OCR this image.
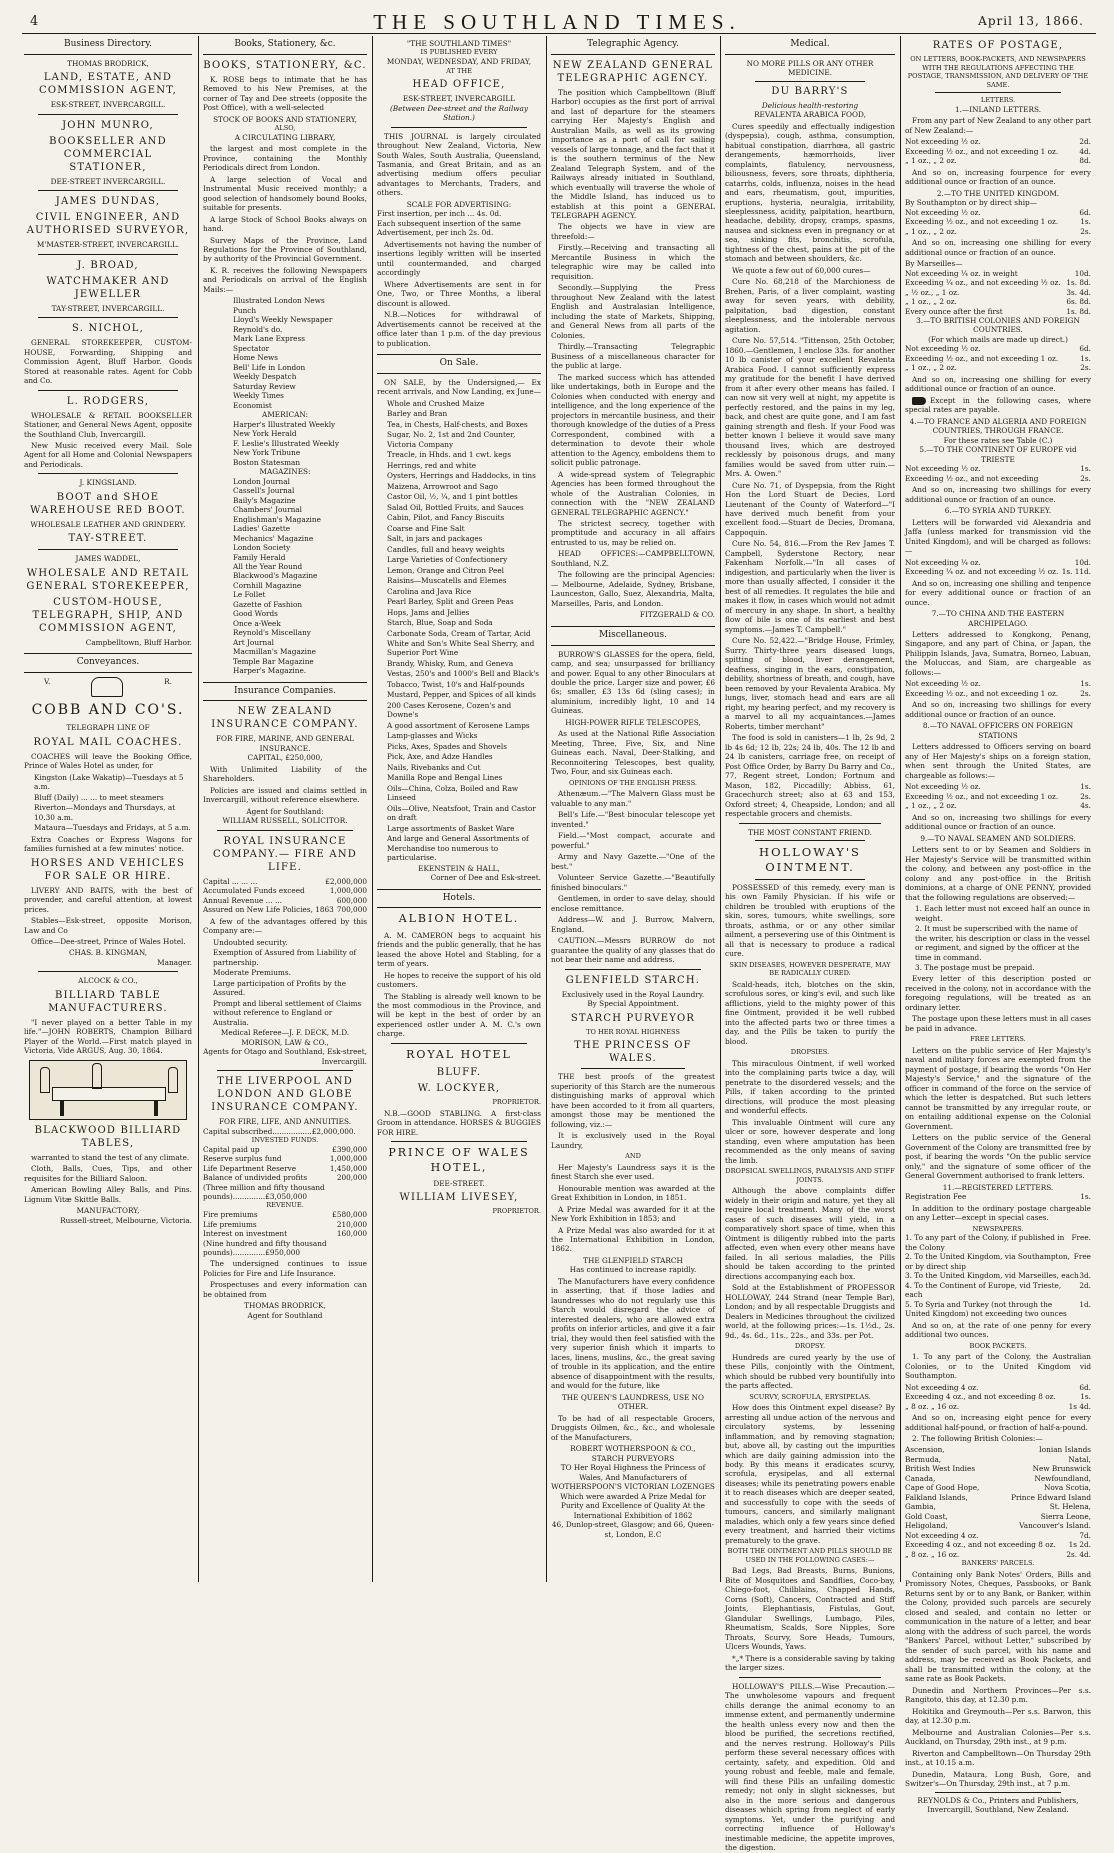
4	THE SOUTHLAND TIMES.	April 13, 1866.
Business Directory.
THOMAS BRODRICK,
LAND, ESTATE, AND COMMISSION AGENT,
ESK-STREET, INVERCARGILL.
JOHN MUNRO,
BOOKSELLER AND COMMERCIAL STATIONER,
DEE-STREET INVERCARGILL.
JAMES DUNDAS,
CIVIL ENGINEER, AND AUTHORISED SURVEYOR,
M'MASTER-STREET, INVERCARGILL.
J. BROAD,
WATCHMAKER AND JEWELLER
TAY-STREET, INVERCARGILL.
S. NICHOL,
GENERAL STOREKEEPER, CUSTOM-HOUSE, Forwarding, Shipping and Commission Agent, Bluff Harbor. Goods Stored at reasonable rates. Agent for Cobb and Co.
L. RODGERS,
WHOLESALE & RETAIL BOOKSELLER Stationer, and General News Agent, opposite the Southland Club, Invercargill.
New Music received every Mail. Sole Agent for all Home and Colonial Newspapers and Periodicals.
J. KINGSLAND.
BOOT and SHOE WAREHOUSE RED BOOT.
WHOLESALE LEATHER AND GRINDERY.
TAY-STREET.
JAMES WADDEL,
WHOLESALE AND RETAIL GENERAL STOREKEEPER,
CUSTOM-HOUSE, TELEGRAPH, SHIP, AND COMMISSION AGENT,
Campbelltown, Bluff Harbor.
Conveyances.
V.	R.
COBB AND CO'S.
TELEGRAPH LINE OF
ROYAL MAIL COACHES.
COACHES will leave the Booking Office, Prince of Wales Hotel as under, for
Kingston (Lake Wakatip)—Tuesdays at 5 a.m.
Bluff (Daily) ... ... to meet steamers
Riverton—Mondays and Thursdays, at 10.30 a.m.
Mataura—Tuesdays and Fridays, at 5 a.m.
Extra Coaches or Express Wagons for families furnished at a few minutes' notice.
HORSES AND VEHICLES FOR SALE OR HIRE.
LIVERY AND BAITS, with the best of provender, and careful attention, at lowest prices.
Stables—Esk-street, opposite Morison, Law and Co
Office—Dee-street, Prince of Wales Hotel.
CHAS. B. KINGMAN,
Manager.
ALCOCK & CO.,
BILLIARD TABLE MANUFACTURERS.
"I never played on a better Table in my life."—JOHN ROBERTS, Champion Billiard Player of the World.—First match played in Victoria, Vide ARGUS, Aug. 30, 1864.
BLACKWOOD BILLIARD TABLES,
warranted to stand the test of any climate.
Cloth, Balls, Cues, Tips, and other requisites for the Billiard Saloon.
American Bowling Alley Balls, and Pins. Lignum Vitæ Skittle Balls.
MANUFACTORY,
Russell-street, Melbourne, Victoria.
Books, Stationery, &c.
BOOKS, STATIONERY, &C.
K. ROSE begs to intimate that he has Removed to his New Premises, at the corner of Tay and Dee streets (opposite the Post Office), with a well-selected
STOCK OF BOOKS AND STATIONERY,
ALSO,
A CIRCULATING LIBRARY,
the largest and most complete in the Province, containing the Monthly Periodicals direct from London.
A large selection of Vocal and Instrumental Music received monthly; a good selection of handsomely bound Books, suitable for presents.
A large Stock of School Books always on hand.
Survey Maps of the Province, Land Regulations for the Province of Southland, by authority of the Provincial Government.
K. R. receives the following Newspapers and Periodicals on arrival of the English Mails:—
Illustrated London News
Punch
Lloyd's Weekly Newspaper
Reynold's do.
Mark Lane Express
Spectator
Home News
Bell' Life in London
Weekly Despatch
Saturday Review
Weekly Times
Economist
AMERICAN:
Harper's Illustrated Weekly
New York Herald
F. Leslie's Illustrated Weekly
New York Tribune
Boston Statesman
MAGAZINES:
London Journal
Cassell's Journal
Baily's Magazine
Chambers' Journal
Englishman's Magazine
Ladies' Gazette
Mechanics' Magazine
London Society
Family Herald
All the Year Round
Blackwood's Magazine
Cornhill Magazine
Le Follet
Gazette of Fashion
Good Words
Once a-Week
Reynold's Miscellany
Art Journal
Macmillan's Magazine
Temple Bar Magazine
Harper's Magazine.
Insurance Companies.
NEW ZEALAND INSURANCE COMPANY.
FOR FIRE, MARINE, AND GENERAL INSURANCE.
CAPITAL, £250,000,
With Unlimited Liability of the Shareholders.
Policies are issued and claims settled in Invercargill, without reference elsewhere.
Agent for Southland:
WILLIAM RUSSELL, SOLICITOR.
ROYAL INSURANCE COMPANY.— FIRE AND LIFE.
Capital ... ... ...	£2,000,000
Accumulated Funds exceed	1,000,000
Annual Revenue ... ...	600,000
Assured on New Life Policies, 1863 700,000
A few of the advantages offered by this Company are:—
Undoubted security.
Exemption of Assured from Liability of partnership.
Moderate Premiums.
Large participation of Profits by the Assured.
Prompt and liberal settlement of Claims without reference to England or Australia.
Medical Referee—J. F. DECK, M.D.
MORISON, LAW & CO.,
Agents for Otago and Southland, Esk-street, Invercargill.
THE LIVERPOOL AND LONDON AND GLOBE INSURANCE COMPANY.
FOR FIRE, LIFE, AND ANNUITIES.
Capital subscribed.................£2,000,000.
INVESTED FUNDS.
Capital paid up	£390,000
Reserve surplus fund	1,000,000
Life Department Reserve	1,450,000
Balance of undivided profits	200,000
(Three million and fifty thousand pounds)..............£3,050,000
REVENUE.
Fire premiums	£580,000
Life premiums	210,000
Interest on investment	160,000
(Nine hundred and fifty thousand pounds)..............£950,000
The undersigned continues to issue Policies for Fire and Life Insurance.
Prospectuses and every information can be obtained from
THOMAS BRODRICK,
Agent for Southland
"THE SOUTHLAND TIMES"
IS PUBLISHED EVERY
MONDAY, WEDNESDAY, AND FRIDAY,
AT THE
HEAD OFFICE,
ESK-STREET, INVERCARGILL
(Between Dee-street and the Railway Station.)
THIS JOURNAL is largely circulated throughout New Zealand, Victoria, New South Wales, South Australia, Queensland, Tasmania, and Great Britain, and as an advertising medium offers peculiar advantages to Merchants, Traders, and others.
SCALE FOR ADVERTISING:
First insertion, per inch ... 4s. 0d.
Each subsequent insertion of the same Advertisement, per inch 2s. 0d.
Advertisements not having the number of insertions legibly written will be inserted until countermanded, and charged accordingly
Where Advertisements are sent in for One, Two, or Three Months, a liberal discount is allowed.
N.B.—Notices for withdrawal of Advertisements cannot be received at the office later than 1 p.m. of the day previous to publication.
On Sale.
ON SALE, by the Undersigned,— Ex recent arrivals, and Now Landing, ex June—
Whole and Crushed Maize
Barley and Bran
Tea, in Chests, Half-chests, and Boxes
Sugar, No. 2, 1st and 2nd Counter, Victoria Company
Treacle, in Hhds. and 1 cwt. kegs
Herrings, red and white
Oysters, Herrings and Haddocks, in tins
Maizena, Arrowroot and Sago
Castor Oil, ½, ¼, and 1 pint bottles
Salad Oil, Bottled Fruits, and Sauces
Cabin, Pilot, and Fancy Biscuits
Coarse and Fine Salt
Salt, in jars and packages
Candles, full and heavy weights
Large Varieties of Confectionery
Lemon, Orange and Citron Peel
Raisins—Muscatells and Elemes
Carolina and Java Rice
Pearl Barley, Split and Green Peas
Hops, Jams and Jellies
Starch, Blue, Soap and Soda
Carbonate Soda, Cream of Tartar, Acid
White and Son's White Seal Sherry, and Superior Port Wine
Brandy, Whisky, Rum, and Geneva
Vestas, 250's and 1000's Bell and Black's
Tobacco, Twist, 10's and Half-pounds
Mustard, Pepper, and Spices of all kinds
200 Cases Kerosene, Cozen's and Downe's
A good assortment of Kerosene Lamps
Lamp-glasses and Wicks
Picks, Axes, Spades and Shovels
Pick, Axe, and Adze Handles
Nails, Rivebanks and Cut
Manilla Rope and Bengal Lines
Oils—China, Colza, Boiled and Raw Linseed
Oils—Olive, Neatsfoot, Train and Castor on draft
Large assortments of Basket Ware
And large and General Assortments of Merchandise too numerous to particularise.
EKENSTEIN & HALL,
Corner of Dee and Esk-street.
Hotels.
ALBION HOTEL.
A. M. CAMERON begs to acquaint his friends and the public generally, that he has leased the above Hotel and Stabling, for a term of years.
He hopes to receive the support of his old customers.
The Stabling is already well known to be the most commodious in the Province, and will be kept in the best of order by an experienced ostler under A. M. C.'s own charge.
ROYAL HOTEL
BLUFF.
W. LOCKYER,
PROPRIETOR.
N.B.—GOOD STABLING. A first-class Groom in attendance. HORSES & BUGGIES FOR HIRE.
PRINCE OF WALES HOTEL,
DEE-STREET.
WILLIAM LIVESEY,
PROPRIETOR.
Telegraphic Agency.
NEW ZEALAND GENERAL TELEGRAPHIC AGENCY.
The position which Campbelltown (Bluff Harbor) occupies as the first port of arrival and last of departure for the steamers carrying Her Majesty's English and Australian Mails, as well as its growing importance as a port of call for sailing vessels of large tonnage, and the fact that it is the southern terminus of the New Zealand Telegraph System, and of the Railways already initiated in Southland, which eventually will traverse the whole of the Middle Island, has induced us to establish at this point a GENERAL TELEGRAPH AGENCY.
The objects we have in view are threefold:—
Firstly.—Receiving and transacting all Mercantile Business in which the telegraphic wire may be called into requisition.
Secondly.—Supplying the Press throughout New Zealand with the latest English and Australasian Intelligence, including the state of Markets, Shipping, and General News from all parts of the Colonies.
Thirdly.—Transacting Telegraphic Business of a miscellaneous character for the public at large.
The marked success which has attended like undertakings, both in Europe and the Colonies when conducted with energy and intelligence, and the long experience of the projectors in mercantile business, and their thorough knowledge of the duties of a Press Correspondent, combined with a determination to devote their whole attention to the Agency, emboldens them to solicit public patronage.
A wide-spread system of Telegraphic Agencies has been formed throughout the whole of the Australian Colonies, in connection with the "NEW ZEALAND GENERAL TELEGRAPHIC AGENCY."
The strictest secrecy, together with promptitude and accuracy in all affairs entrusted to us, may be relied on.
HEAD OFFICES:—CAMPBELLTOWN, Southland, N.Z.
The following are the principal Agencies:— Melbourne, Adelaide, Sydney, Brisbane, Launceston, Gallo, Suez, Alexandria, Malta, Marseilles, Paris, and London.
FITZGERALD & CO.
Miscellaneous.
BURROW'S GLASSES for the opera, field, camp, and sea; unsurpassed for brilliancy and power. Equal to any other Binoculars at double the price. Larger size and power, £6 6s; smaller, £3 13s 6d (sling cases); in aluminium, incredibly light, 10 and 14 Guineas.
HIGH-POWER RIFLE TELESCOPES,
As used at the National Rifle Association Meeting, Three, Five, Six, and Nine Guineas each. Naval, Deer-Stalking, and Reconnoitering Telescopes, best quality, Two, Four, and six Guineas each.
OPINIONS OF THE ENGLISH PRESS.
Athenæum.—"The Malvern Glass must be valuable to any man."
Bell's Life.—"Best binocular telescope yet invented."
Field.—"Most compact, accurate and powerful."
Army and Navy Gazette.—"One of the best."
Volunteer Service Gazette.—"Beautifully finished binoculars."
Gentlemen, in order to save delay, should enclose remittance.
Address—W. and J. Burrow, Malvern, England.
CAUTION.—Messrs BURROW do not guarantee the quality of any glasses that do not bear their name and address.
GLENFIELD STARCH.
Exclusively used in the Royal Laundry.
By Special Appointment.
STARCH PURVEYOR
TO HER ROYAL HIGHNESS
THE PRINCESS OF WALES.
THE best proofs of the greatest superiority of this Starch are the numerous distinguishing marks of approval which have been accorded to it from all quarters, amongst those may be mentioned the following, viz.:—
It is exclusively used in the Royal Laundry,
AND
Her Majesty's Laundress says it is the finest Starch she ever used.
Honourable mention was awarded at the Great Exhibition in London, in 1851.
A Prize Medal was awarded for it at the New York Exhibition in 1853; and
A Prize Medal was also awarded for it at the International Exhibition in London, 1862.
THE GLENFIELD STARCH
Has continued to increase rapidly.
The Manufacturers have every confidence in asserting, that if those ladies and laundresses who do not regularly use this Starch would disregard the advice of interested dealers, who are allowed extra profits on inferior articles, and give it a fair trial, they would then feel satisfied with the very superior finish which it imparts to laces, linens, muslins, &c., the great saving of trouble in its application, and the entire absence of disappointment with the results, and would for the future, like
THE QUEEN'S LAUNDRESS, USE NO OTHER.
To be had of all respectable Grocers, Druggists Oilmen, &c., &c., and wholesale of the Manufacturers,
ROBERT WOTHERSPOON & CO.,
STARCH PURVEYORS
TO Her Royal Highness the Princess of Wales, And Manufacturers of
WOTHERSPOON'S VICTORIAN LOZENGES
Which were awarded A Prize Medal for Purity and Excellence of Quality At the International Exhibition of 1862
46, Dunlop-street, Glasgow; and 66, Queen-st, London, E.C
Medical.
NO MORE PILLS OR ANY OTHER MEDICINE.
DU BARRY'S
Delicious health-restoring
REVALENTA ARABICA FOOD,
Cures speedily and effectually indigestion (dyspepsia), cough, asthma, consumption, habitual constipation, diarrhœa, all gastric derangements, hæmorrhoids, liver complaints, flatulency, nervousness, biliousness, fevers, sore throats, diphtheria, catarrhs, colds, influenza, noises in the head and ears, rheumatism, gout, impurities, eruptions, hysteria, neuralgia, irritability, sleeplessness, acidity, palpitation, heartburn, headache, debility, dropsy, cramps, spasms, nausea and sickness even in pregnancy or at sea, sinking fits, bronchitis, scrofula, tightness of the chest, pains at the pit of the stomach and between shoulders, &c.
We quote a few out of 60,000 cures—
Cure No. 68,218 of the Marchioness de Brehen, Paris, of a liver complaint, wasting away for seven years, with debility, palpitation, bad digestion, constant sleeplessness, and the intolerable nervous agitation.
Cure No. 57,514. "Tittenson, 25th October, 1860.—Gentlemen, I enclose 33s. for another 10 lb canister of your excellent Revalenta Arabica Food. I cannot sufficiently express my gratitude for the benefit I have derived from it after every other means has failed. I can now sit very well at night, my appetite is perfectly restored, and the pains in my leg, back, and chest are quite gone, and I am fast gaining strength and flesh. If your Food was better known I believe it would save many thousand lives, which are destroyed recklessly by poisonous drugs, and many families would be saved from utter ruin.—Mrs. A. Owen."
Cure No. 71, of Dyspepsia, from the Right Hon the Lord Stuart de Decies, Lord Lieutenant of the County of Waterford—"I have derived much benefit from your excellent food.—Stuart de Decies, Dromana, Cappoquin.
Cure No. 54, 816.—From the Rev James T. Campbell, Syderstone Rectory, near Fakenham Norfolk.—"In all cases of indigestion, and particularly when the liver is more than usually affected, I consider it the best of all remedies. It regulates the bile and makes it flow, in cases which would not admit of mercury in any shape. In short, a healthy flow of bile is one of its earliest and best symptoms.—James T. Campbell."
Cure No. 52,422.—"Bridge House, Frimley, Surry. Thirty-three years diseased lungs, spitting of blood, liver derangement, deafness, singing in the ears, constipation, debility, shortness of breath, and cough, have been removed by your Revalenta Arabica. My lungs, liver, stomach head and ears are all right, my hearing perfect, and my recovery is a marvel to all my acquaintances.—James Roberts, timber merchant"
The food is sold in canisters—1 lb, 2s 9d, 2 lb 4s 6d; 12 lb, 22s; 24 lb, 40s. The 12 lb and 24 lb canisters, carriage free, on receipt of Post Office Order, by Barry Du Barry and Co., 77, Regent street, London; Fortnum and Mason, 182, Piccadilly; Abbiss, 61, Gracechurch street; also at 63 and 153, Oxford street; 4, Cheapside, London; and all respectable grocers and chemists.
THE MOST CONSTANT FRIEND.
HOLLOWAY'S OINTMENT.
POSSESSED of this remedy, every man is his own Family Physician. If his wife or children be troubled with eruptions of the skin, sores, tumours, white swellings, sore throats, asthma, or or any other similar ailment, a persevering use of this Ointment is all that is necessary to produce a radical cure.
SKIN DISEASES, HOWEVER DESPERATE, MAY BE RADICALLY CURED.
Scald-heads, itch, blotches on the skin, scrofulous sores, or king's evil, and such like afflictions, yield to the mighty power of this fine Ointment, provided it be well rubbed into the affected parts two or three times a day, and the Pills be taken to purify the blood.
DROPSIES.
This miraculous Ointment, if well worked into the complaining parts twice a day, will penetrate to the disordered vessels; and the Pills, if taken according to the printed directions, will produce the most pleasing and wonderful effects.
This invaluable Ointment will cure any ulcer or sore, however desperate and long standing, even where amputation has been recommended as the only means of saving the limb.
DROPSICAL SWELLINGS, PARALYSIS AND STIFF JOINTS.
Although the above complaints differ widely in their origin and nature, yet they all require local treatment. Many of the worst cases of such diseases will yield, in a comparatively short space of time, when this Ointment is diligently rubbed into the parts affected, even when every other means have failed. In all serious maladies, the Pills should be taken according to the printed directions accompanying each box.
Sold at the Establishment of PROFESSOR HOLLOWAY, 244 Strand (near Temple Bar), London; and by all respectable Druggists and Dealers in Medicines throughout the civilized world, at the following prices:—1s. 1½d., 2s. 9d., 4s. 6d., 11s., 22s., and 33s. per Pot.
DROPSY.
Hundreds are cured yearly by the use of these Pills, conjointly with the Ointment, which should be rubbed very bountifully into the parts affected.
SCURVY, SCROFULA, ERYSIPELAS.
How does this Ointment expel disease? By arresting all undue action of the nervous and circulatory systems, by lessening inflammation, and by removing stagnation; but, above all, by casting out the impurities which are daily gaining admission into the body. By this means it eradicates scurvy, scrofula, erysipelas, and all external diseases; while its penetrating powers enable it to reach diseases which are deeper seated, and successfully to cope with the seeds of tumours, cancers, and similarly malignant maladies, which only a few years since defied every treatment, and harried their victims prematurely to the grave.
BOTH THE OINTMENT AND PILLS SHOULD BE USED IN THE FOLLOWING CASES:—
Bad Legs, Bad Breasts, Burns, Bunions, Bite of Mosquitoes and Sandflies, Coco-bay, Chiego-foot, Chilblains, Chapped Hands, Corns (Soft), Cancers, Contracted and Stiff Joints, Elephantiasis, Fistulas, Gout, Glandular Swellings, Lumbago, Piles, Rheumatism, Scalds, Sore Nipples, Sore Throats, Scurvy, Sore Heads, Tumours, Ulcers Wounds, Yaws.
*„* There is a considerable saving by taking the larger sizes.
HOLLOWAY'S PILLS.—Wise Precaution.—The unwholesome vapours and frequent chills derange the animal economy to an immense extent, and permanently undermine the health unless every now and then the blood be purified, the secretions rectified, and the nerves restrung. Holloway's Pills perform these several necessary offices with certainty, safety, and expedition. Old and young robust and feeble, male and female, will find these Pills an unfailing domestic remedy; not only in slight sicknesses, but also in the more serious and dangerous diseases which spring from neglect of early symptoms. Yet, under the purifying and correcting influence of Holloway's inestimable medicine, the appetite improves, the digestion.
RATES OF POSTAGE,
ON LETTERS, BOOK-PACKETS, AND NEWSPAPERS WITH THE REGULATIONS AFFECTING THE POSTAGE, TRANSMISSION, AND DELIVERY OF THE SAME.
LETTERS.
1.—INLAND LETTERS.
From any part of New Zealand to any other part of New Zealand:—
Not exceeding ½ oz.	2d.
Exceeding ½ oz., and not exceeding 1 oz.	4d.
„ 1 oz., „ 2 oz.	8d.
And so on, increasing fourpence for every additional ounce or fraction of an ounce.
2.—TO THE UNITED KINGDOM.
By Southampton or by direct ship—
Not exceeding ½ oz.	6d.
Exceeding ½ oz., and not exceeding 1 oz.	1s.
„ 1 oz., „ 2 oz.	2s.
And so on, increasing one shilling for every additional ounce or fraction of an ounce.
By Marseilles—
Not exceeding ¼ oz. in weight	10d.
Exceeding ¼ oz., and not exceeding ½ oz. 1s. 8d.
„ ½ oz., „ 1 oz.	3s. 4d.
„ 1 oz., „ 2 oz.	6s. 8d.
Every ounce after the first	1s. 8d.
3.—TO BRITISH COLONIES AND FOREIGN COUNTRIES.
(For which mails are made up direct.)
Not exceeding ½ oz.	6d.
Exceeding ½ oz., and not exceeding 1 oz.	1s.
„ 1 oz., „ 2 oz.	2s.
And so on, increasing one shilling for every additional ounce or fraction of an ounce.
Except in the following cases, where special rates are payable.
4.—TO FRANCE AND ALGERIA AND FOREIGN COUNTRIES, THROUGH FRANCE.
For these rates see Table (C.)
5.—TO THE CONTINENT OF EUROPE vid TRIESTE
Not exceeding ½ oz.	1s.
Exceeding ½ oz., and not exceeding	2s.
And so on, increasing two shillings for every additional ounce or fraction of an ounce.
6.—TO SYRIA AND TURKEY.
Letters will be forwarded vid Alexandria and Jaffa (unless marked for transmission vid the United Kingdom), and will be charged as follows:—
Not exceeding ¼ oz.	10d.
Exceeding ¼ oz. and not exceeding ½ oz. 1s. 11d.
And so on, increasing one shilling and tenpence for every additional ounce or fraction of an ounce.
7.—TO CHINA AND THE EASTERN ARCHIPELAGO.
Letters addressed to Kongkong, Penang, Singapore, and any part of China, or Japan, the Philippin Islands, Java, Sumatra, Borneo, Labuan, the Moluccas, and Siam, are chargeable as follows:—
Not exceeding ½ oz.	1s.
Exceeding ½ oz., and not exceeding 1 oz.	2s.
And so on, increasing two shillings for every additional ounce or fraction of an ounce.
8.—TO NAVAL OFFICERS ON FOREIGN STATIONS
Letters addressed to Officers serving on board any of Her Majesty's ships on a foreign station, when sent through the United States, are chargeable as follows:—
Not exceeding ½ oz.	1s.
Exceeding ½ oz., and not exceeding 1 oz.	2s.
„ 1 oz., „ 2 oz.	4s.
And so on, increasing two shillings for every additional ounce or fraction of an ounce.
9.—TO NAVAL SEAMEN AND SOLDIERS.
Letters sent to or by Seamen and Soldiers in Her Majesty's Service will be transmitted within the colony, and between any post-office in the colony and any post-office in the British dominions, at a charge of ONE PENNY, provided that the following regulations are observed:—
1. Each letter must not exceed half an ounce in weight.
2. It must be superscribed with the name of the writer, his description or class in the vessel or regiment, and signed by the officer at the time in command.
3. The postage must be prepaid.
Every letter of this description posted or received in the colony, not in accordance with the foregoing regulations, will be treated as an ordinary letter.
The postage upon these letters must in all cases be paid in advance.
FREE LETTERS.
Letters on the public service of Her Majesty's naval and military forces are exempted from the payment of postage, if bearing the words "On Her Majesty's Service," and the signature of the officer in command of the force on the service of which the letter is despatched. But such letters cannot be transmitted by any irregular route, or on entailing additional expense on the Colonial Government.
Letters on the public service of the General Government of the Colony are transmitted free by post, if bearing the words "On the public service only," and the signature of some officer of the General Government authorised to frank letters.
11.—REGISTERED LETTERS.
Registration Fee	1s.
In addition to the ordinary postage chargeable on any Letter—except in special cases.
NEWSPAPERS.
1. To any part of the Colony, if published in the Colony
Free.
2. To the United Kingdom, via Southampton, or by direct ship
Free
3. To the United Kingdom, vid Marseilles, each 3d.
4. To the Continent of Europe, vid Trieste, each
2d.
5. To Syria and Turkey (not through the United Kingdom) not exceeding two ounces
1d.
And so on, at the rate of one penny for every additional two ounces.
BOOK PACKETS.
1. To any part of the Colony, the Australian Colonies, or to the United Kingdom vid Southampton.
Not exceeding 4 oz.	6d.
Exceeding 4 oz., and not exceeding 8 oz.	1s.
„ 8 oz. „ 16 oz.	1s 4d.
And so on, increasing eight pence for every additional half-pound, or fraction of half-a-pound.
2. The following British Colonies:—
Ascension,	Ionian Islands
Bermuda,	Natal,
British West Indies	New Brunswick
Canada,	Newfoundland,
Cape of Good Hope,	Nova Scotia,
Falkland Islands,	Prince Edward Island
Gambia,	St. Helena,
Gold Coast,	Sierra Leone,
Heligoland,	Vancouver's Island.
Not exceeding 4 oz.	7d.
Exceeding 4 oz., and not exceeding 8 oz. 1s 2d.
„ 8 oz. „ 16 oz.	2s. 4d.
BANKERS' PARCELS.
Containing only Bank Notes' Orders, Bills and Promissory Notes, Cheques, Passbooks, or Bank Returns sent by or to any Bank, or Banker, within the Colony, provided such parcels are securely closed and sealed, and contain no letter or communication in the nature of a letter, and bear along with the address of such parcel, the words "Bankers' Parcel, without Letter," subscribed by the sender of such parcel, with his name and address, may be received as Book Packets, and shall be transmitted within the colony, at the same rate as Book Packets.
Dunedin and Northern Provinces—Per s.s. Rangitoto, this day, at 12.30 p.m.
Hokitika and Greymouth—Per s.s. Barwon, this day, at 12.30 p.m.
Melbourne and Australian Colonies—Per s.s. Auckland, on Thursday, 29th inst., at 9 p.m.
Riverton and Campbelltown—On Thursday 29th inst., at 10.15 a.m.
Dunedin, Mataura, Long Bush, Gore, and Switzer's—On Thursday, 29th inst., at 7 p.m.
REYNOLDS & Co., Printers and Publishers, Invercargill, Southland, New Zealand.
